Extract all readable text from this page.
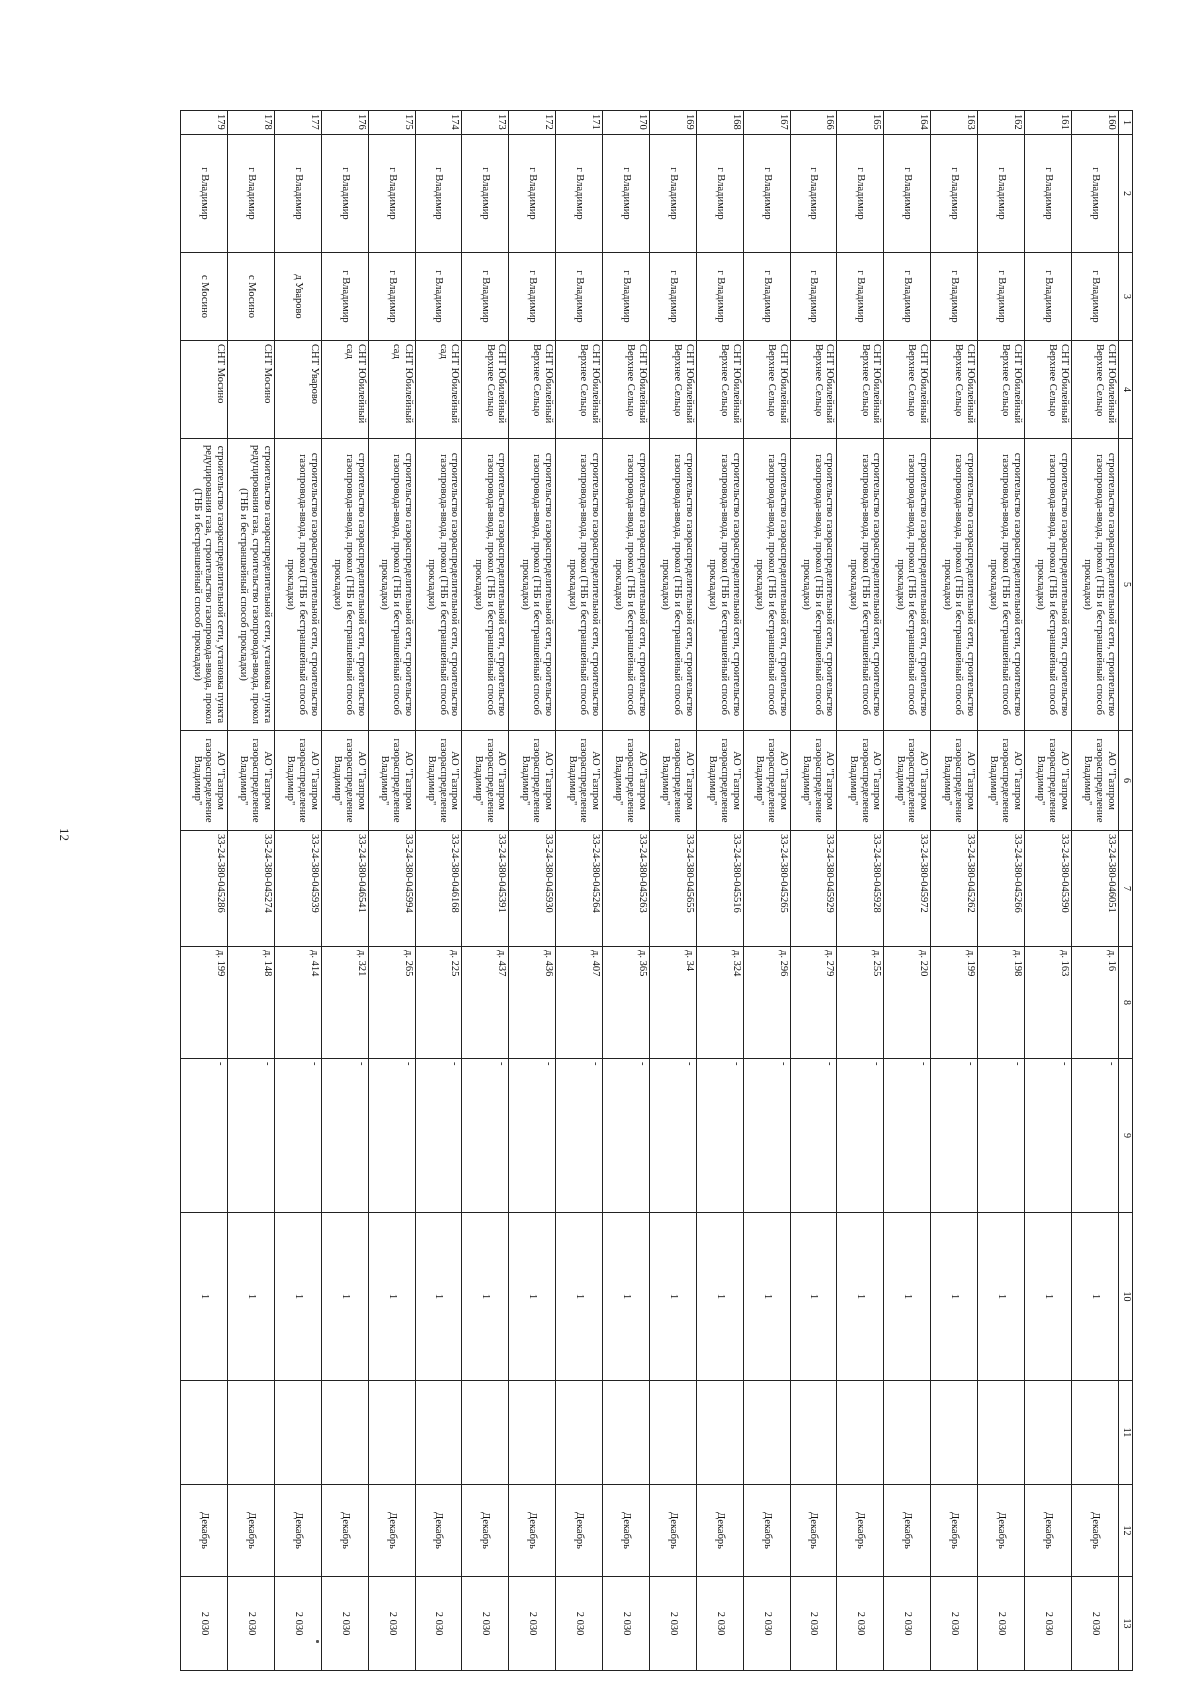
12
1	2	3	4	5	6	7	8	9	10	11	12	13
160	г Владимир	г Владимир	СНТ Юбилейный Верхнее Сельцо	строительство газораспределительной сети, строительство газопровода-ввода, прокол (ГНБ и бестраншейный способ прокладки)	АО "Газпром газораспределение Владимир"	33-24-380-046051	д. 16	-	1		Декабрь	2 030
161	г Владимир	г Владимир	СНТ Юбилейный Верхнее Сельцо	строительство газораспределительной сети, строительство газопровода-ввода, прокол (ГНБ и бестраншейный способ прокладки)	АО "Газпром газораспределение Владимир"	33-24-380-045390	д. 163	-	1		Декабрь	2 030
162	г Владимир	г Владимир	СНТ Юбилейный Верхнее Сельцо	строительство газораспределительной сети, строительство газопровода-ввода, прокол (ГНБ и бестраншейный способ прокладки)	АО "Газпром газораспределение Владимир"	33-24-380-045266	д. 198	-	1		Декабрь	2 030
163	г Владимир	г Владимир	СНТ Юбилейный Верхнее Сельцо	строительство газораспределительной сети, строительство газопровода-ввода, прокол (ГНБ и бестраншейный способ прокладки)	АО "Газпром газораспределение Владимир"	33-24-380-045262	д. 199	-	1		Декабрь	2 030
164	г Владимир	г Владимир	СНТ Юбилейный Верхнее Сельцо	строительство газораспределительной сети, строительство газопровода-ввода, прокол (ГНБ и бестраншейный способ прокладки)	АО "Газпром газораспределение Владимир"	33-24-380-045972	д. 220	-	1		Декабрь	2 030
165	г Владимир	г Владимир	СНТ Юбилейный Верхнее Сельцо	строительство газораспределительной сети, строительство газопровода-ввода, прокол (ГНБ и бестраншейный способ прокладки)	АО "Газпром газораспределение Владимир"	33-24-380-045928	д. 255	-	1		Декабрь	2 030
166	г Владимир	г Владимир	СНТ Юбилейный Верхнее Сельцо	строительство газораспределительной сети, строительство газопровода-ввода, прокол (ГНБ и бестраншейный способ прокладки)	АО "Газпром газораспределение Владимир"	33-24-380-045929	д. 279	-	1		Декабрь	2 030
167	г Владимир	г Владимир	СНТ Юбилейный Верхнее Сельцо	строительство газораспределительной сети, строительство газопровода-ввода, прокол (ГНБ и бестраншейный способ прокладки)	АО "Газпром газораспределение Владимир"	33-24-380-045265	д. 296	-	1		Декабрь	2 030
168	г Владимир	г Владимир	СНТ Юбилейный Верхнее Сельцо	строительство газораспределительной сети, строительство газопровода-ввода, прокол (ГНБ и бестраншейный способ прокладки)	АО "Газпром газораспределение Владимир"	33-24-380-045516	д. 324	-	1		Декабрь	2 030
169	г Владимир	г Владимир	СНТ Юбилейный Верхнее Сельцо	строительство газораспределительной сети, строительство газопровода-ввода, прокол (ГНБ и бестраншейный способ прокладки)	АО "Газпром газораспределение Владимир"	33-24-380-045655	д. 34	-	1		Декабрь	2 030
170	г Владимир	г Владимир	СНТ Юбилейный Верхнее Сельцо	строительство газораспределительной сети, строительство газопровода-ввода, прокол (ГНБ и бестраншейный способ прокладки)	АО "Газпром газораспределение Владимир"	33-24-380-045263	д. 365	-	1		Декабрь	2 030
171	г Владимир	г Владимир	СНТ Юбилейный Верхнее Сельцо	строительство газораспределительной сети, строительство газопровода-ввода, прокол (ГНБ и бестраншейный способ прокладки)	АО "Газпром газораспределение Владимир"	33-24-380-045264	д. 407	-	1		Декабрь	2 030
172	г Владимир	г Владимир	СНТ Юбилейный Верхнее Сельцо	строительство газораспределительной сети, строительство газопровода-ввода, прокол (ГНБ и бестраншейный способ прокладки)	АО "Газпром газораспределение Владимир"	33-24-380-045930	д. 436	-	1		Декабрь	2 030
173	г Владимир	г Владимир	СНТ Юбилейный Верхнее Сельцо	строительство газораспределительной сети, строительство газопровода-ввода, прокол (ГНБ и бестраншейный способ прокладки)	АО "Газпром газораспределение Владимир"	33-24-380-045391	д. 437	-	1		Декабрь	2 030
174	г Владимир	г Владимир	СНТ Юбилейный сад	строительство газораспределительной сети, строительство газопровода-ввода, прокол (ГНБ и бестраншейный способ прокладки)	АО "Газпром газораспределение Владимир"	33-24-380-046168	д. 225	-	1		Декабрь	2 030
175	г Владимир	г Владимир	СНТ Юбилейный сад	строительство газораспределительной сети, строительство газопровода-ввода, прокол (ГНБ и бестраншейный способ прокладки)	АО "Газпром газораспределение Владимир"	33-24-380-045994	д. 265	-	1		Декабрь	2 030
176	г Владимир	г Владимир	СНТ Юбилейный сад	строительство газораспределительной сети, строительство газопровода-ввода, прокол (ГНБ и бестраншейный способ прокладки)	АО "Газпром газораспределение Владимир"	33-24-380-046541	д. 321	-	1		Декабрь	2 030
177	г Владимир	д Уварово	СНТ Уварово	строительство газораспределительной сети, строительство газопровода-ввода, прокол (ГНБ и бестраншейный способ прокладки)	АО "Газпром газораспределение Владимир"	33-24-380-045939	д. 414	-	1		Декабрь	2 030
178	г Владимир	с Мосино	СНТ Мосино	строительство газораспределительной сети, установка пункта редуцирования газа, строительство газопровода-ввода, прокол (ГНБ и бестраншейный способ прокладки)	АО "Газпром газораспределение Владимир"	33-24-380-045274	д. 148	-	1		Декабрь	2 030
179	г Владимир	с Мосино	СНТ Мосино	строительство газораспределительной сети, установка пункта редуцирования газа, строительство газопровода-ввода, прокол (ГНБ и бестраншейный способ прокладки)	АО "Газпром газораспределение Владимир"	33-24-380-045286	д. 199	-	1		Декабрь	2 030
